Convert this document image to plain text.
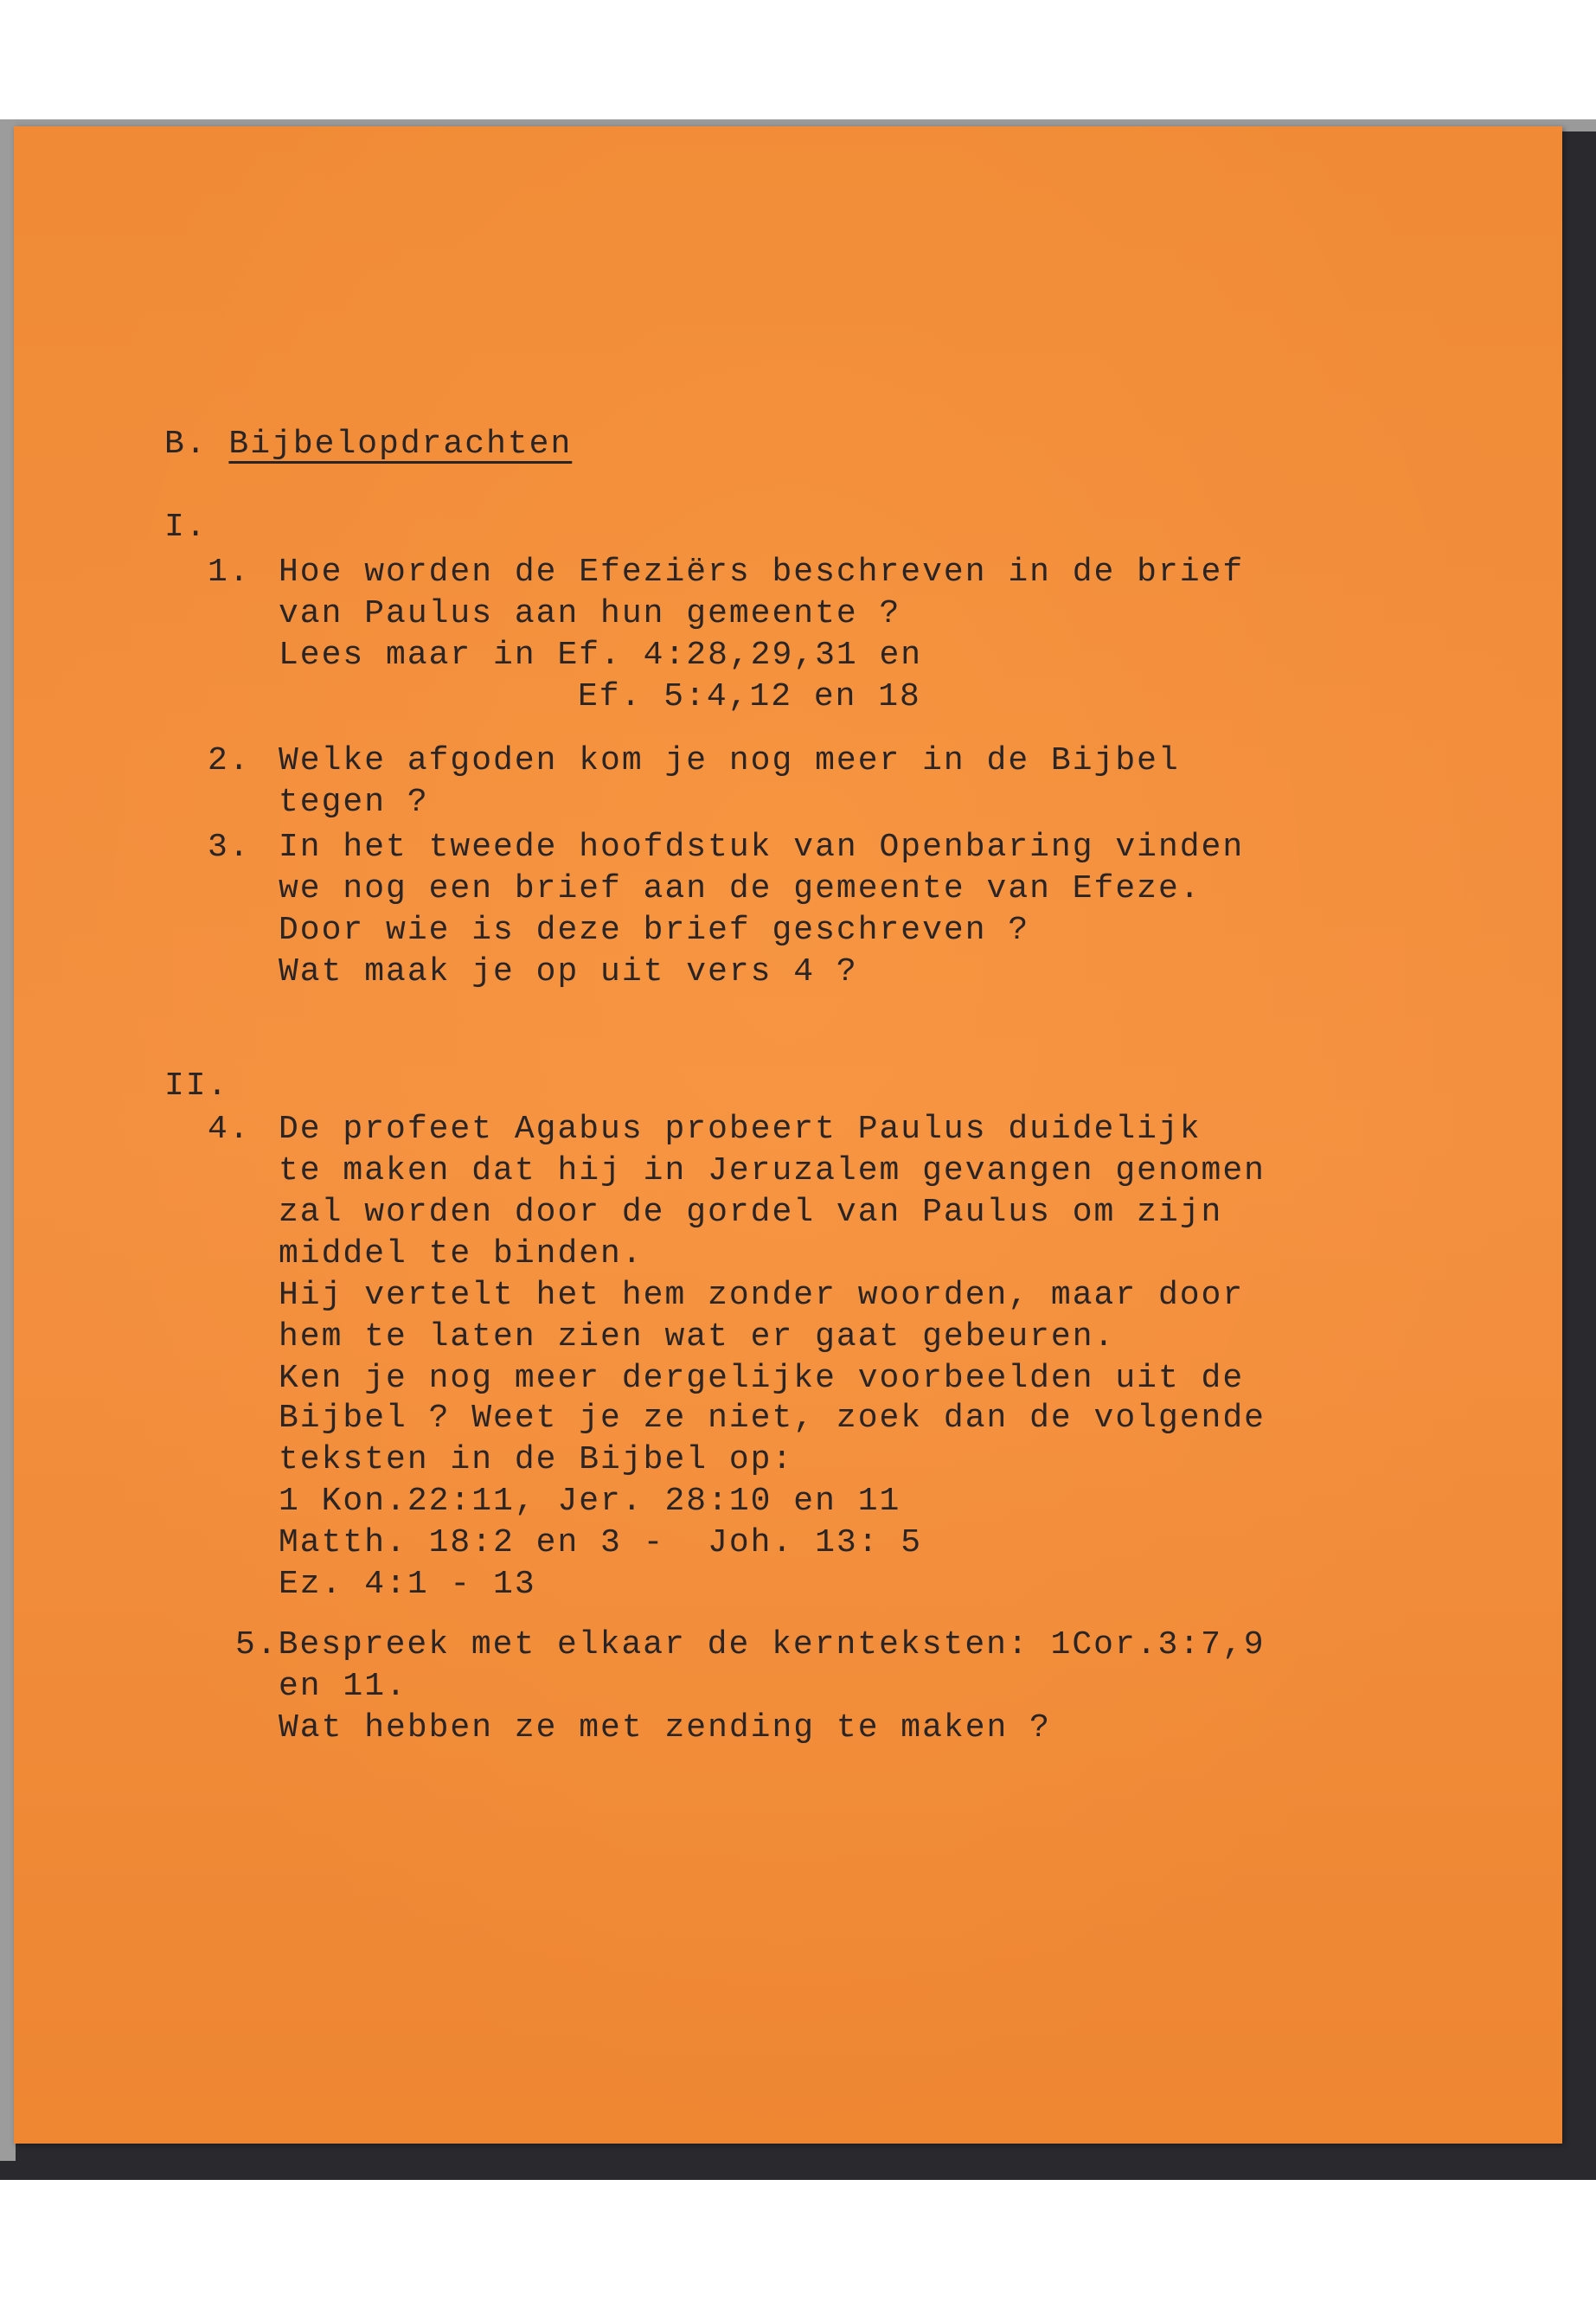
B. Bijbelopdrachten
I.
1. Hoe worden de Efeziërs beschreven in de brief
van Paulus aan hun gemeente ?
Lees maar in Ef. 4:28,29,31 en
Ef. 5:4,12 en 18
2. Welke afgoden kom je nog meer in de Bijbel
tegen ?
3. In het tweede hoofdstuk van Openbaring vinden
we nog een brief aan de gemeente van Efeze.
Door wie is deze brief geschreven ?
Wat maak je op uit vers 4 ?
II.
4. De profeet Agabus probeert Paulus duidelijk
te maken dat hij in Jeruzalem gevangen genomen
zal worden door de gordel van Paulus om zijn
middel te binden.
Hij vertelt het hem zonder woorden, maar door
hem te laten zien wat er gaat gebeuren.
Ken je nog meer dergelijke voorbeelden uit de
Bijbel ? Weet je ze niet, zoek dan de volgende
teksten in de Bijbel op:
1 Kon.22:11, Jer. 28:10 en 11
Matth. 18:2 en 3 -  Joh. 13: 5
Ez. 4:1 - 13
5.Bespreek met elkaar de kernteksten: 1Cor.3:7,9
en 11.
Wat hebben ze met zending te maken ?
